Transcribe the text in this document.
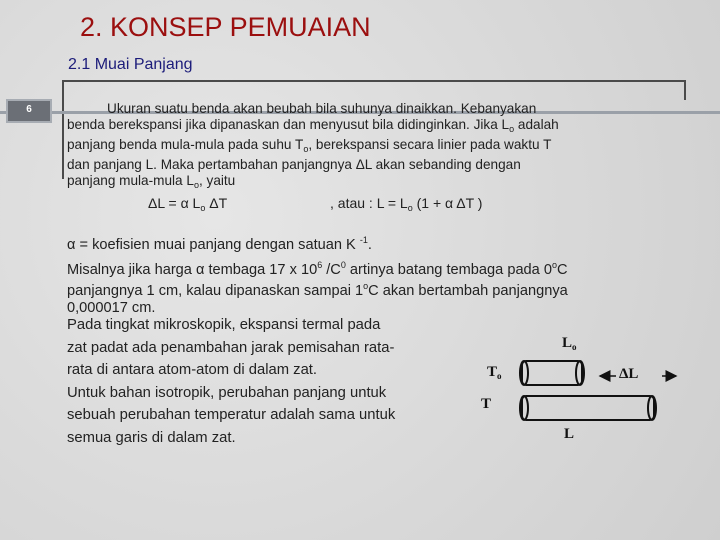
2. KONSEP PEMUAIAN
2.1 Muai Panjang
6	Ukuran suatu benda akan beubah bila suhunya dinaikkan. Kebanyakan

benda berekspansi jika dipanaskan dan menyusut bila didinginkan. Jika $L_o$ adalah

panjang benda mula-mula pada suhu $T_o$, berekspansi secara linier pada waktu T

dan panjang L. Maka pertambahan panjangnya ΔL akan sebanding dengan

panjang mula-mula $L_o$, yaitu

ΔL = α $L_o$ ΔT	, atau : $L = L_o$ (1 + α ΔT )

α = koefisien muai panjang dengan satuan K $^{-1}$.

Misalnya jika harga α tembaga 17 x $10^6$ $/C^0$ artinya batang tembaga pada 0$^o$C

panjangnya 1 cm, kalau dipanaskan sampai 1$^o$C akan bertambah panjangnya

0,000017 cm.

Pada tingkat mikroskopik, ekspansi termal pada

zat padat ada penambahan jarak pemisahan rata-

rata di antara atom-atom di dalam zat.

Untuk bahan isotropik, perubahan panjang untuk

sebuah perubahan temperatur adalah sama untuk

semua garis di dalam zat.

$L_o$
$T_o$	ΔL
T
L
